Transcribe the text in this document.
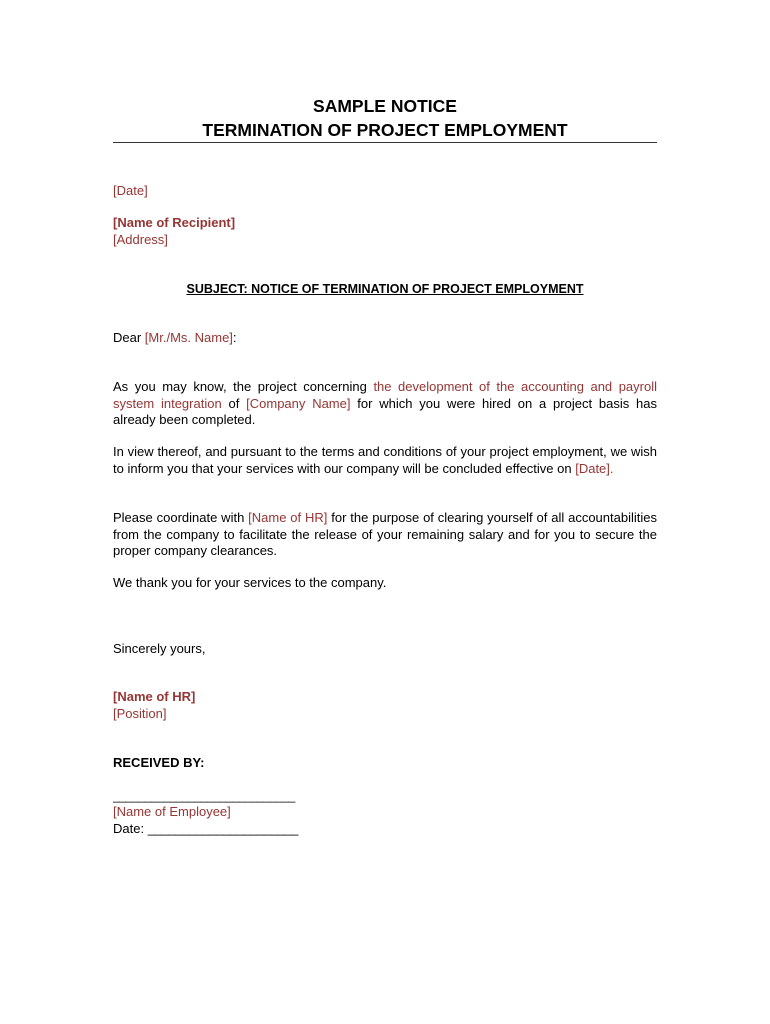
SAMPLE NOTICE
TERMINATION OF PROJECT EMPLOYMENT
[Date]
[Name of Recipient]
[Address]
SUBJECT: NOTICE OF TERMINATION OF PROJECT EMPLOYMENT
Dear [Mr./Ms. Name]:
As you may know, the project concerning the development of the accounting and payroll system integration of [Company Name] for which you were hired on a project basis has already been completed.
In view thereof, and pursuant to the terms and conditions of your project employment, we wish to inform you that your services with our company will be concluded effective on [Date].
Please coordinate with [Name of HR] for the purpose of clearing yourself of all accountabilities from the company to facilitate the release of your remaining salary and for you to secure the proper company clearances.
We thank you for your services to the company.
Sincerely yours,
[Name of HR]
[Position]
RECEIVED BY:
_____________________________
[Name of Employee]
Date: ______________________
